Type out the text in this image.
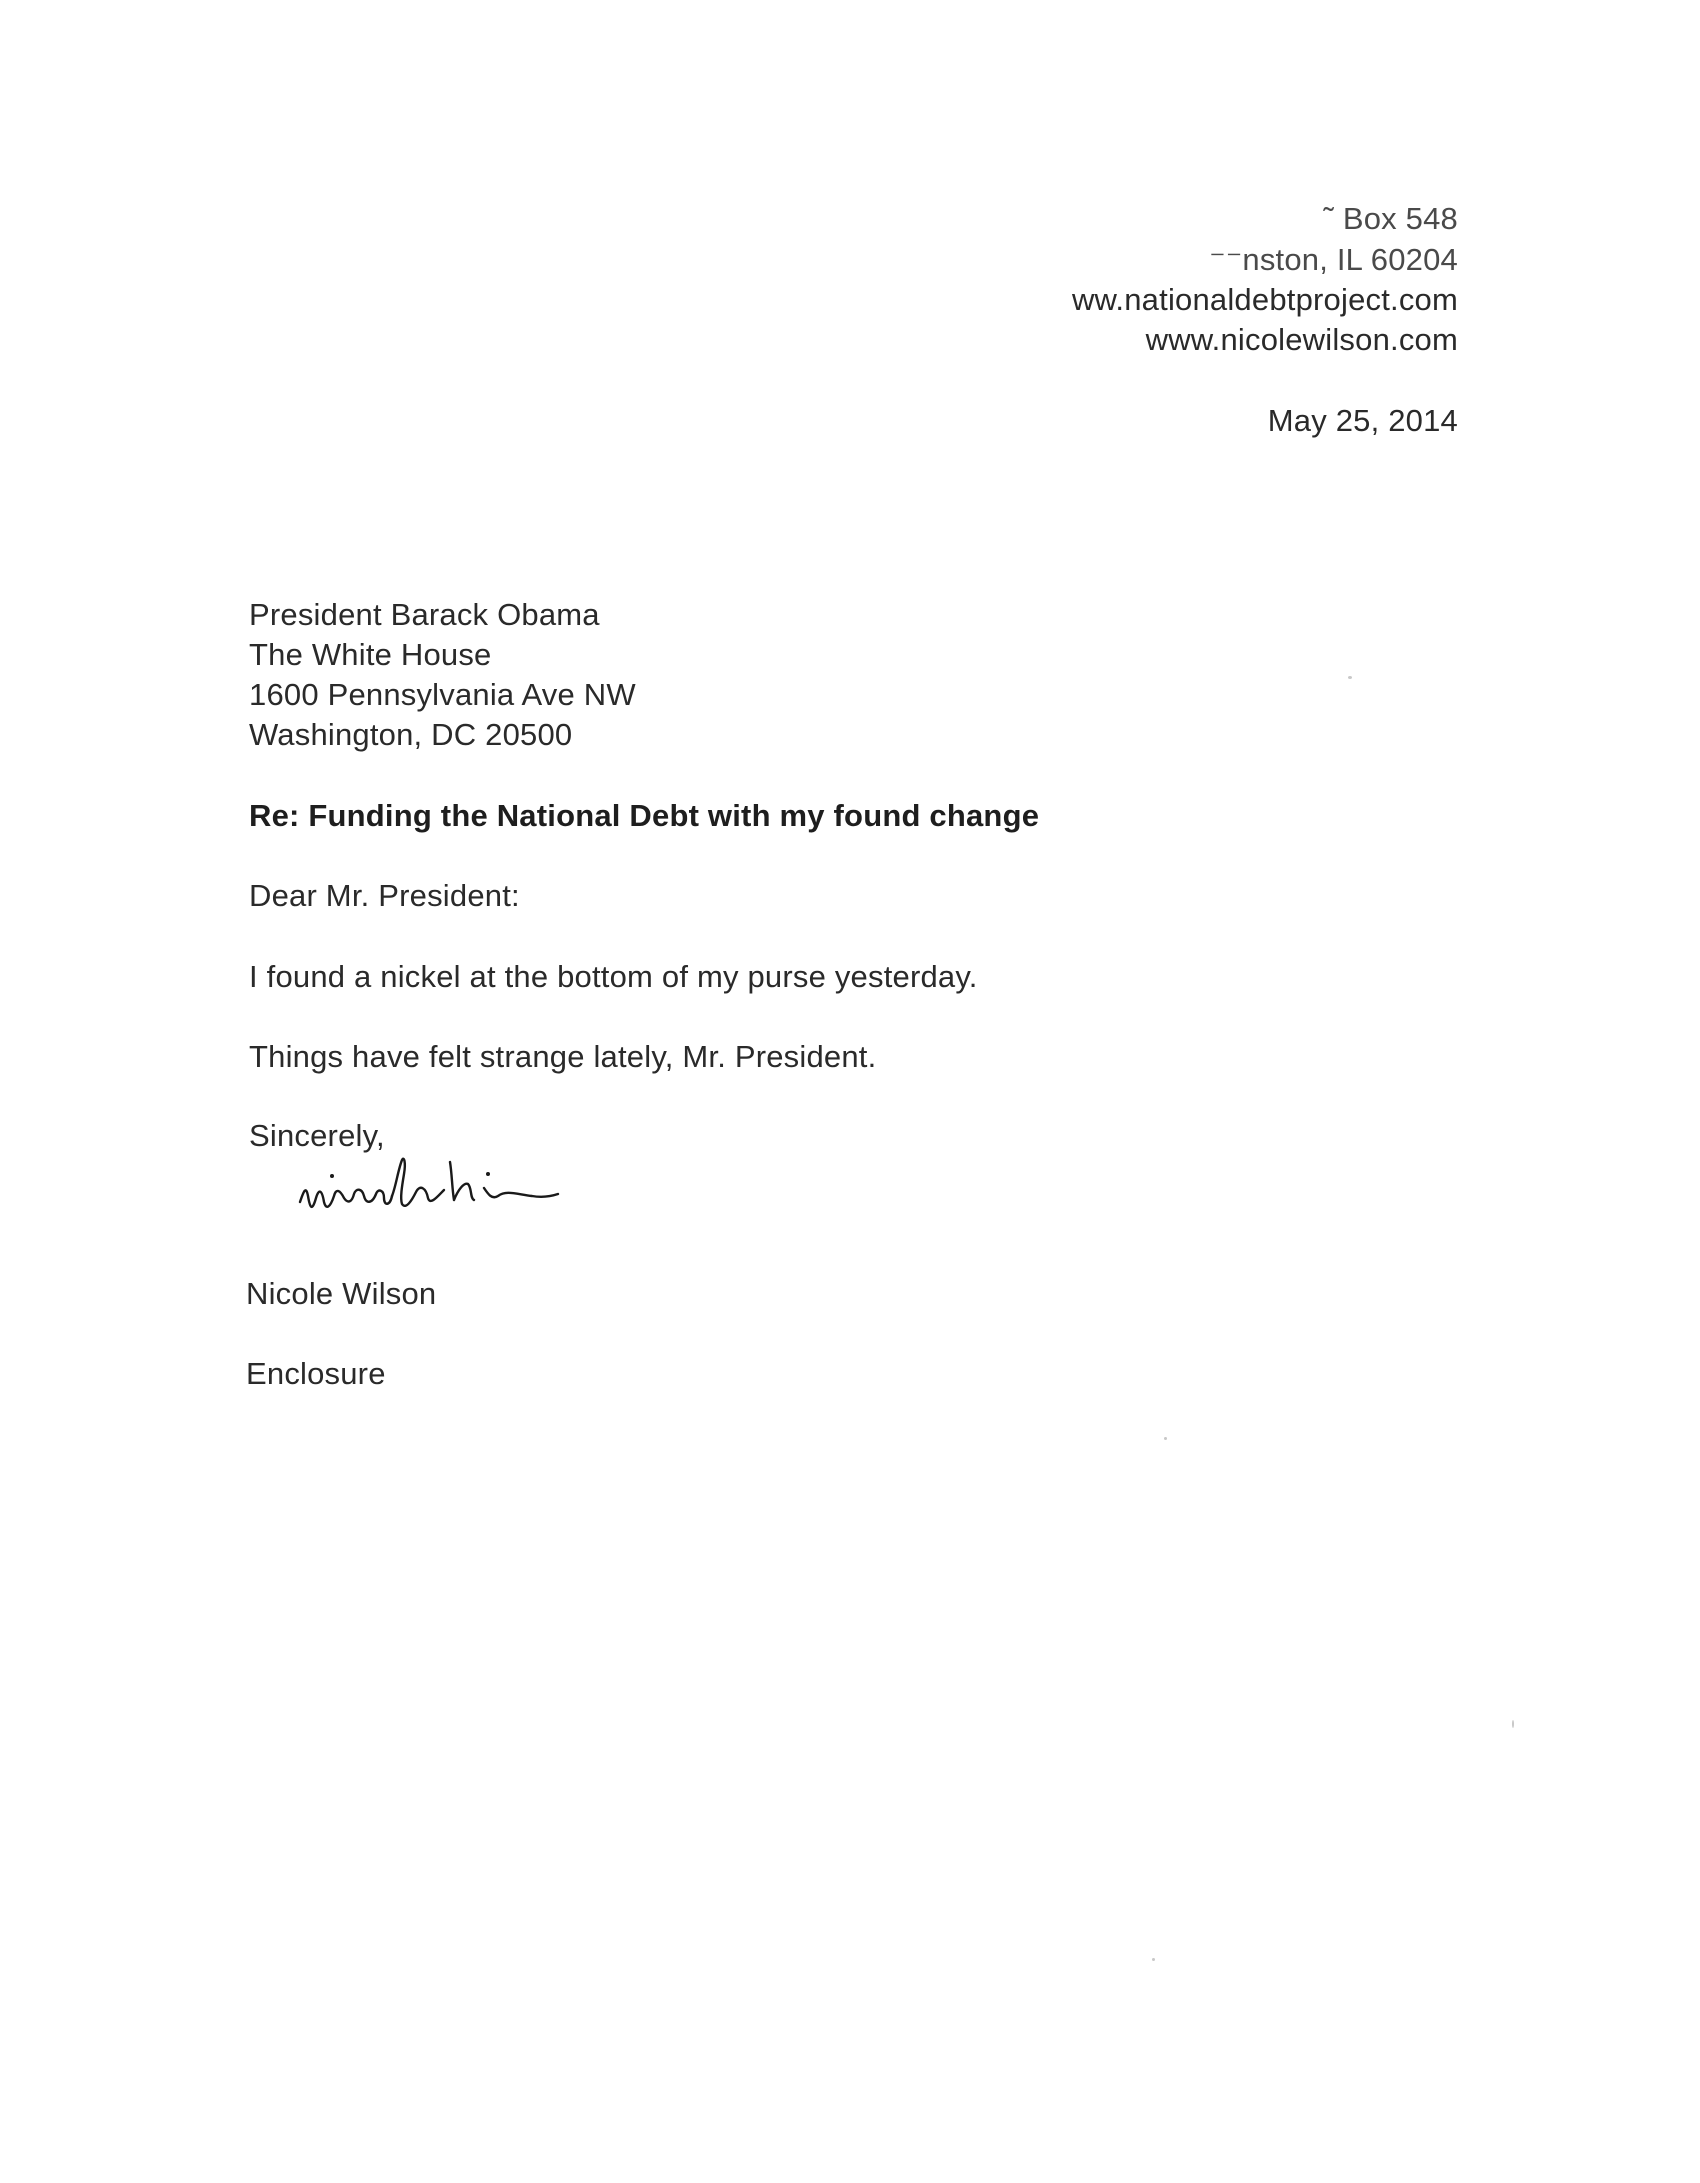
˜ Box 548
⁻⁻nston, IL 60204
ww.nationaldebtproject.com
www.nicolewilson.com
May 25, 2014
President Barack Obama
The White House
1600 Pennsylvania Ave NW
Washington, DC 20500
Re: Funding the National Debt with my found change
Dear Mr. President:
I found a nickel at the bottom of my purse yesterday.
Things have felt strange lately, Mr. President.
Sincerely,
Nicole Wilson
Enclosure
